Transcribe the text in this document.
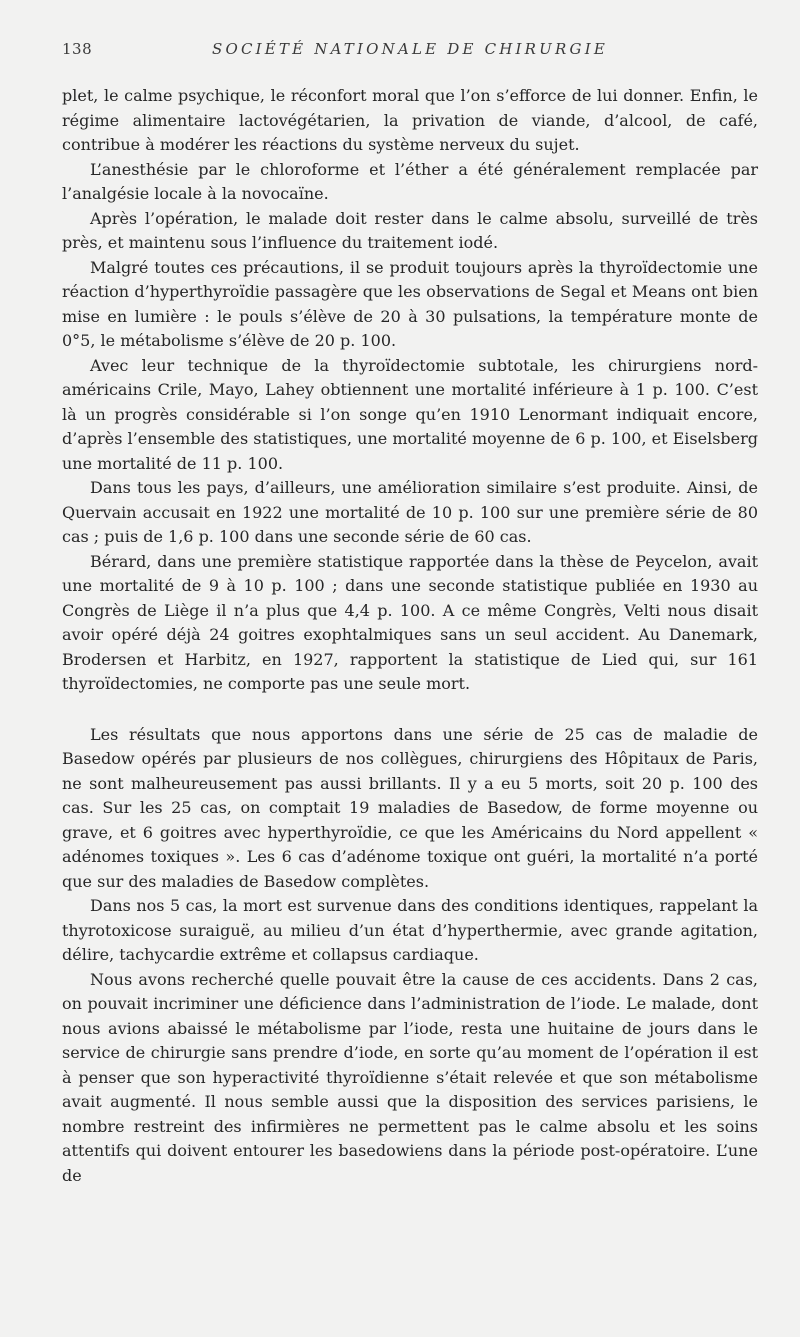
138	SOCIÉTÉ NATIONALE DE CHIRURGIE

plet, le calme psychique, le réconfort moral que l’on s’efforce de lui donner. Enfin, le régime alimentaire lactovégétarien, la privation de viande, d’alcool, de café, contribue à modérer les réactions du système nerveux du sujet.

L’anesthésie par le chloroforme et l’éther a été généralement remplacée par l’analgésie locale à la novocaïne.

Après l’opération, le malade doit rester dans le calme absolu, surveillé de très près, et maintenu sous l’influence du traitement iodé.

Malgré toutes ces précautions, il se produit toujours après la thyroïdectomie une réaction d’hyperthyroïdie passagère que les observations de Segal et Means ont bien mise en lumière : le pouls s’élève de 20 à 30 pulsations, la température monte de 0°5, le métabolisme s’élève de 20 p. 100.

Avec leur technique de la thyroïdectomie subtotale, les chirurgiens nord-américains Crile, Mayo, Lahey obtiennent une mortalité inférieure à 1 p. 100. C’est là un progrès considérable si l’on songe qu’en 1910 Lenormant indiquait encore, d’après l’ensemble des statistiques, une mortalité moyenne de 6 p. 100, et Eiselsberg une mortalité de 11 p. 100.

Dans tous les pays, d’ailleurs, une amélioration similaire s’est produite. Ainsi, de Quervain accusait en 1922 une mortalité de 10 p. 100 sur une première série de 80 cas ; puis de 1,6 p. 100 dans une seconde série de 60 cas.

Bérard, dans une première statistique rapportée dans la thèse de Peycelon, avait une mortalité de 9 à 10 p. 100 ; dans une seconde statistique publiée en 1930 au Congrès de Liège il n’a plus que 4,4 p. 100. A ce même Congrès, Velti nous disait avoir opéré déjà 24 goitres exophtalmiques sans un seul accident. Au Danemark, Brodersen et Harbitz, en 1927, rapportent la statistique de Lied qui, sur 161 thyroïdectomies, ne comporte pas une seule mort.

Les résultats que nous apportons dans une série de 25 cas de maladie de Basedow opérés par plusieurs de nos collègues, chirurgiens des Hôpitaux de Paris, ne sont malheureusement pas aussi brillants. Il y a eu 5 morts, soit 20 p. 100 des cas. Sur les 25 cas, on comptait 19 maladies de Basedow, de forme moyenne ou grave, et 6 goitres avec hyperthyroïdie, ce que les Américains du Nord appellent « adénomes toxiques ». Les 6 cas d’adénome toxique ont guéri, la mortalité n’a porté que sur des maladies de Basedow complètes.

Dans nos 5 cas, la mort est survenue dans des conditions identiques, rappelant la thyrotoxicose suraiguë, au milieu d’un état d’hyperthermie, avec grande agitation, délire, tachycardie extrême et collapsus cardiaque.

Nous avons recherché quelle pouvait être la cause de ces accidents. Dans 2 cas, on pouvait incriminer une déficience dans l’administration de l’iode. Le malade, dont nous avions abaissé le métabolisme par l’iode, resta une huitaine de jours dans le service de chirurgie sans prendre d’iode, en sorte qu’au moment de l’opération il est à penser que son hyperactivité thyroïdienne s’était relevée et que son métabolisme avait augmenté. Il nous semble aussi que la disposition des services parisiens, le nombre restreint des infirmières ne permettent pas le calme absolu et les soins attentifs qui doivent entourer les basedowiens dans la période post-opératoire. L’une de
